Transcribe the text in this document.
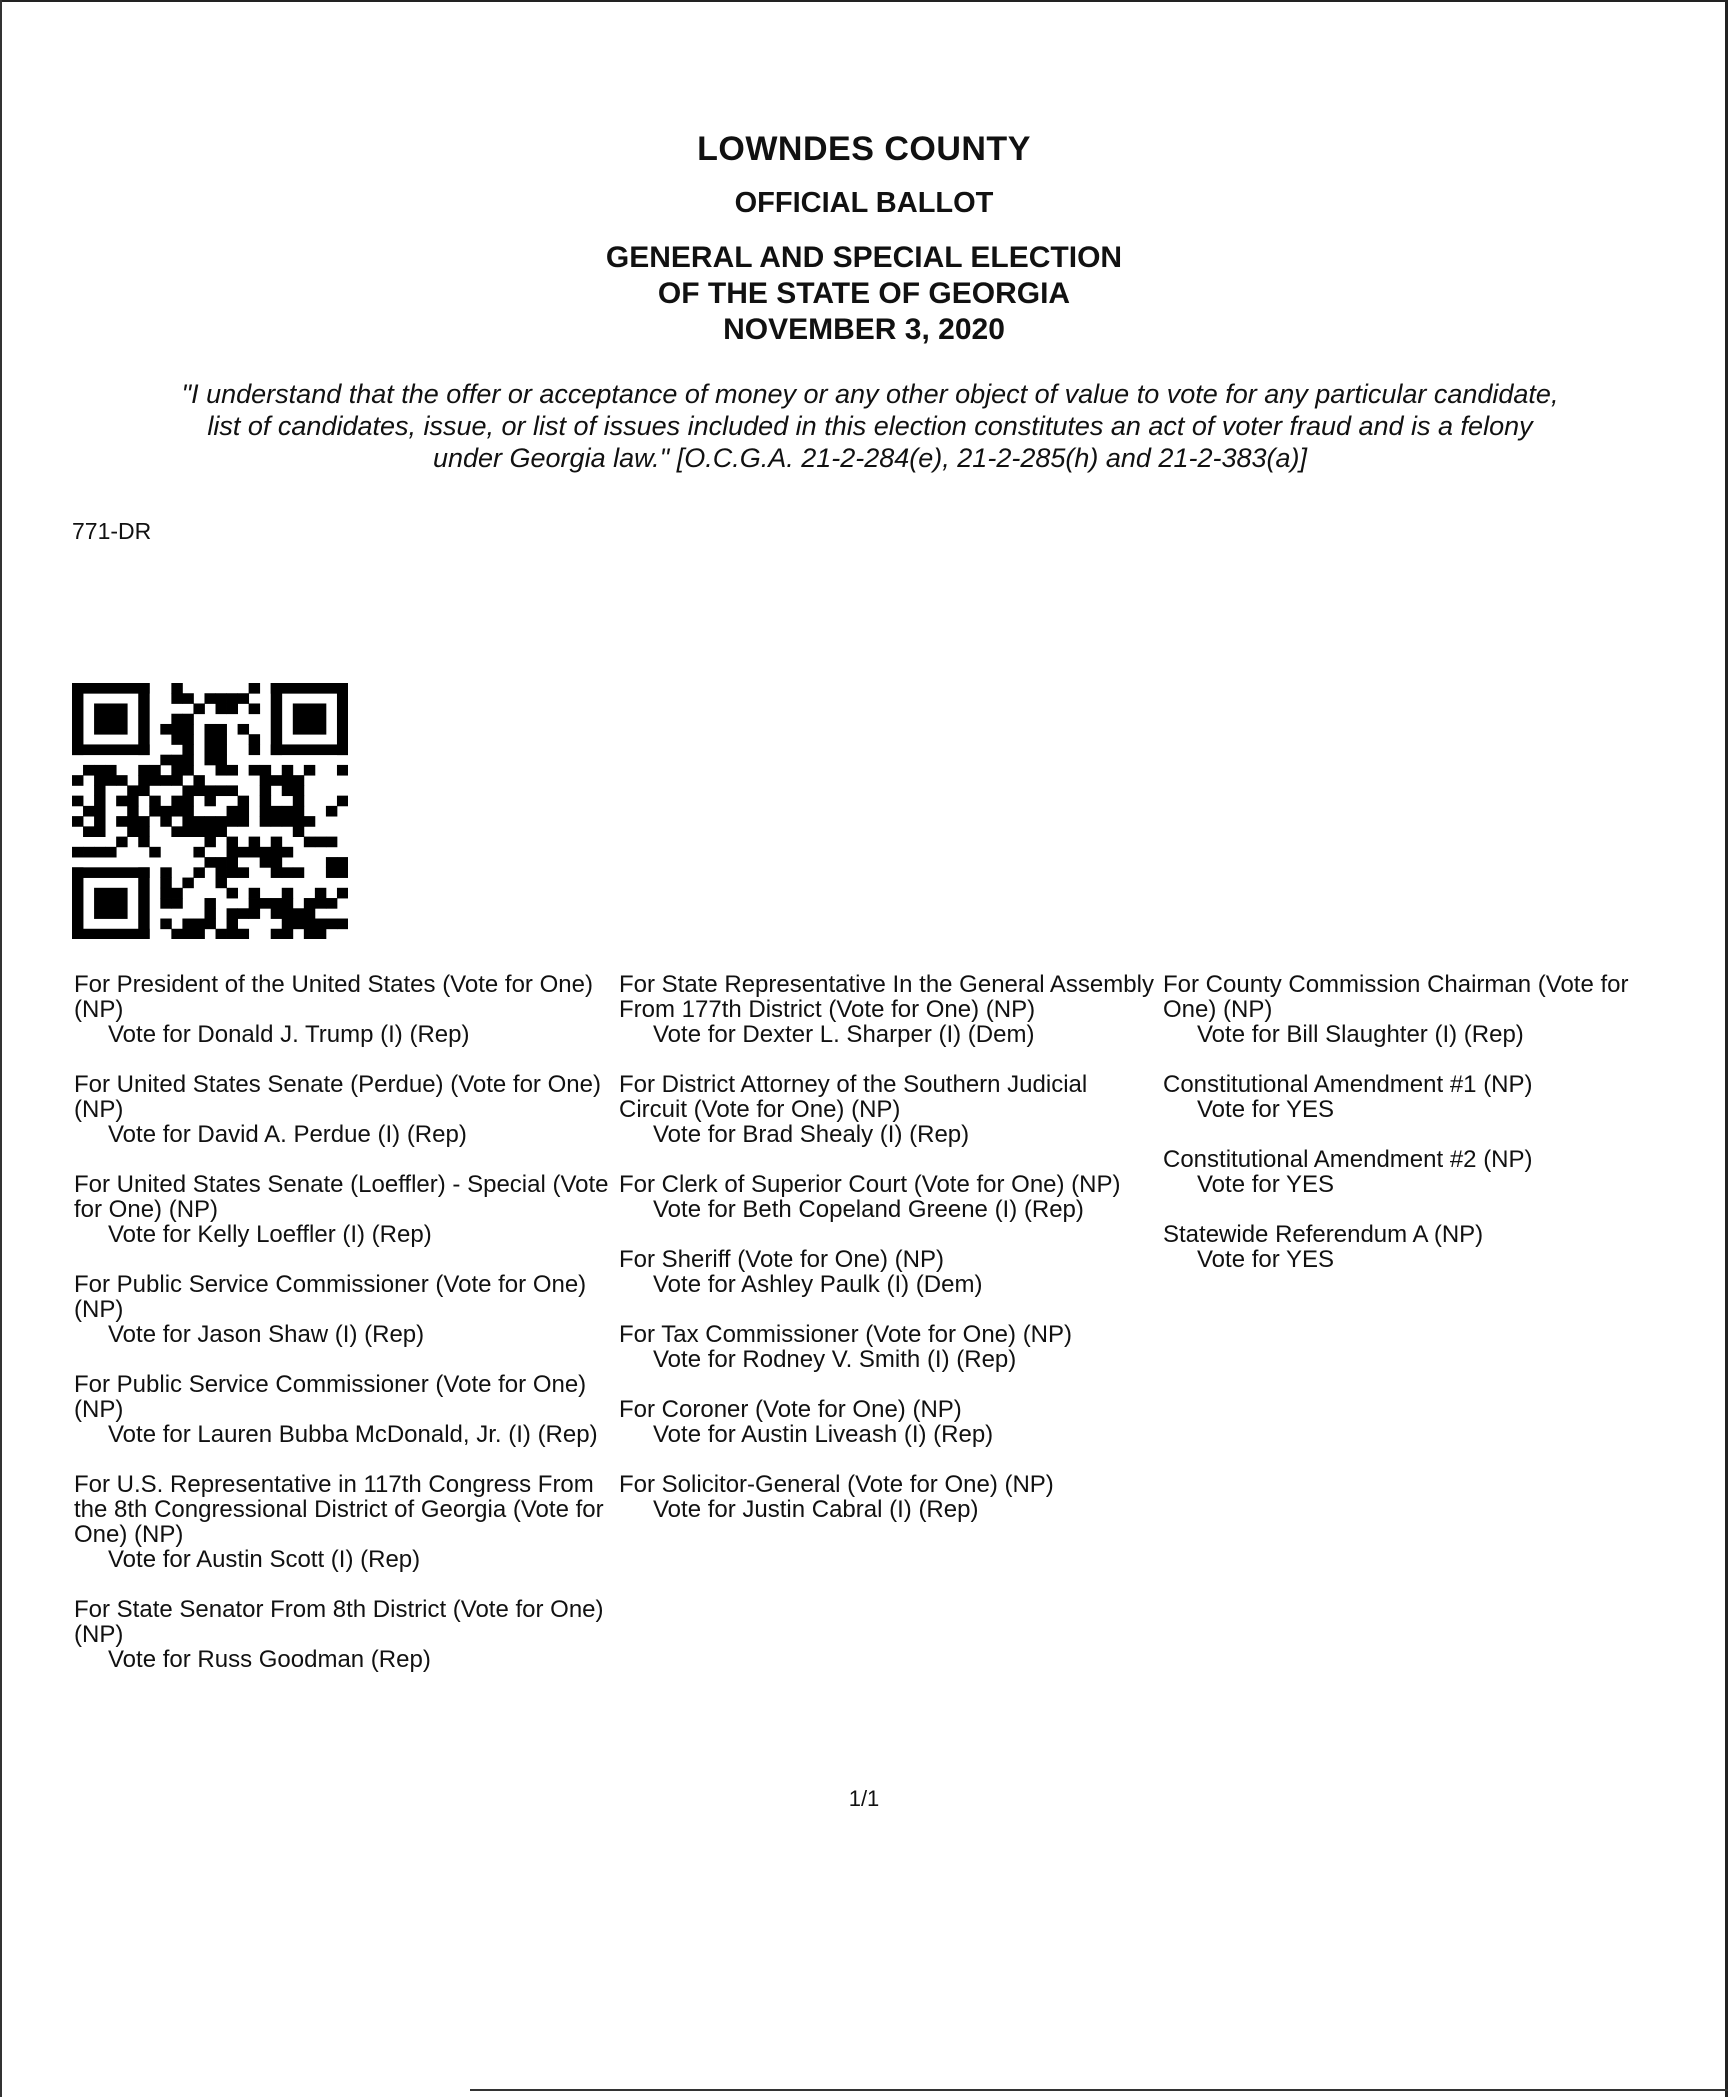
LOWNDES COUNTY
OFFICIAL BALLOT
GENERAL AND SPECIAL ELECTION
OF THE STATE OF GEORGIA
NOVEMBER 3, 2020
"I understand that the offer or acceptance of money or any other object of value to vote for any particular candidate,
list of candidates, issue, or list of issues included in this election constitutes an act of voter fraud and is a felony
under Georgia law." [O.C.G.A. 21-2-284(e), 21-2-285(h) and 21-2-383(a)]
771-DR
For President of the United States (Vote for One) (NP)
Vote for Donald J. Trump (I) (Rep)
For United States Senate (Perdue) (Vote for One) (NP)
Vote for David A. Perdue (I) (Rep)
For United States Senate (Loeffler) - Special (Vote for One) (NP)
Vote for Kelly Loeffler (I) (Rep)
For Public Service Commissioner (Vote for One) (NP)
Vote for Jason Shaw (I) (Rep)
For Public Service Commissioner (Vote for One) (NP)
Vote for Lauren Bubba McDonald, Jr. (I) (Rep)
For U.S. Representative in 117th Congress From the 8th Congressional District of Georgia (Vote for One) (NP)
Vote for Austin Scott (I) (Rep)
For State Senator From 8th District (Vote for One) (NP)
Vote for Russ Goodman (Rep)
For State Representative In the General Assembly From 177th District (Vote for One) (NP)
Vote for Dexter L. Sharper (I) (Dem)
For District Attorney of the Southern Judicial Circuit (Vote for One) (NP)
Vote for Brad Shealy (I) (Rep)
For Clerk of Superior Court (Vote for One) (NP)
Vote for Beth Copeland Greene (I) (Rep)
For Sheriff (Vote for One) (NP)
Vote for Ashley Paulk (I) (Dem)
For Tax Commissioner (Vote for One) (NP)
Vote for Rodney V. Smith (I) (Rep)
For Coroner (Vote for One) (NP)
Vote for Austin Liveash (I) (Rep)
For Solicitor-General (Vote for One) (NP)
Vote for Justin Cabral (I) (Rep)
For County Commission Chairman (Vote for One) (NP)
Vote for Bill Slaughter (I) (Rep)
Constitutional Amendment #1 (NP)
Vote for YES
Constitutional Amendment #2 (NP)
Vote for YES
Statewide Referendum A (NP)
Vote for YES
1/1
